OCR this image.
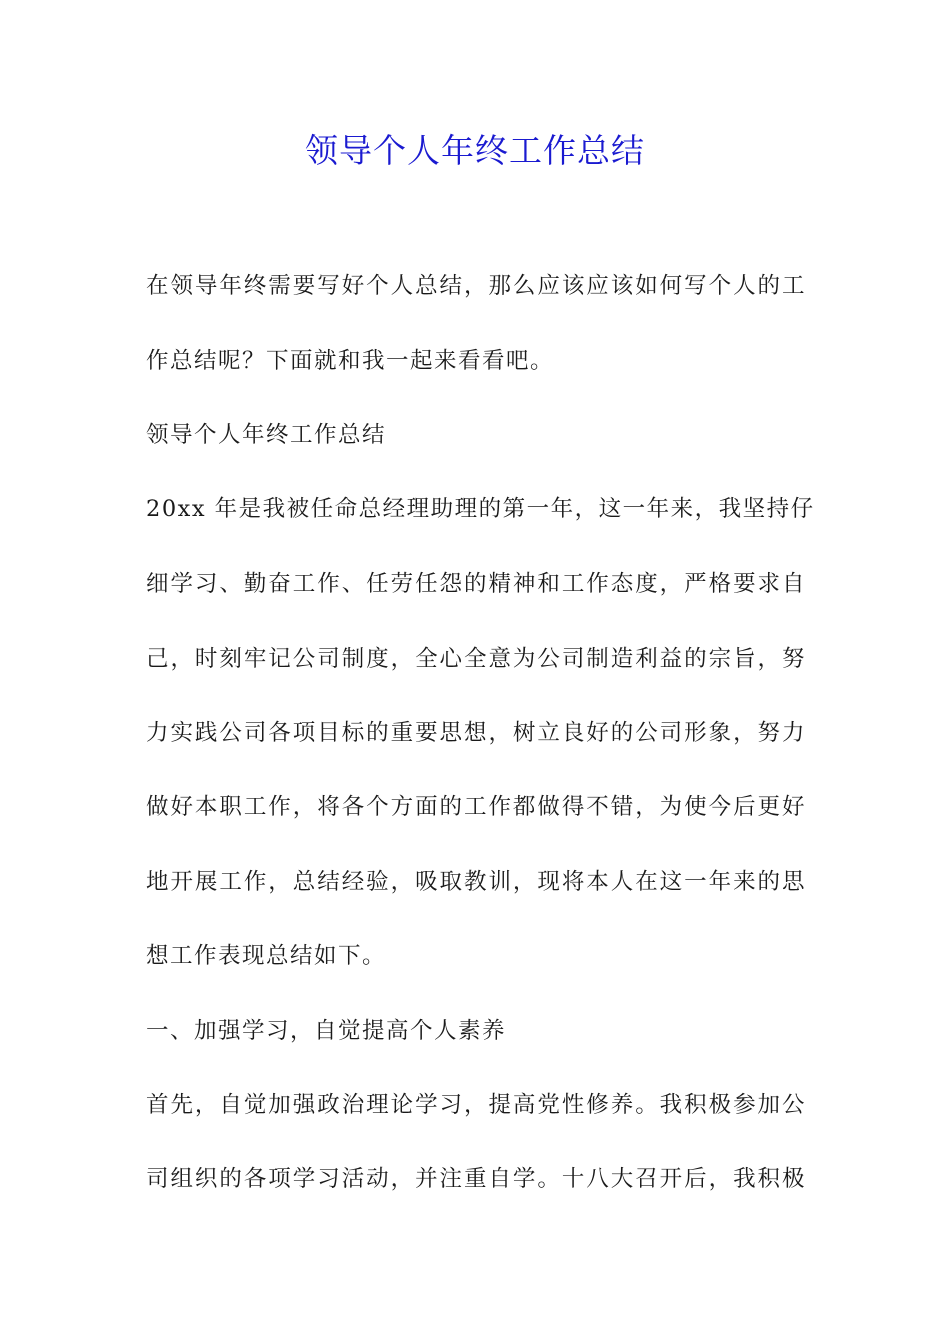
领导个人年终工作总结
在领导年终需要写好个人总结，那么应该应该如何写个人的工
作总结呢？下面就和我一起来看看吧。
领导个人年终工作总结
20xx 年是我被任命总经理助理的第一年，这一年来，我坚持仔
细学习、勤奋工作、任劳任怨的精神和工作态度，严格要求自
己，时刻牢记公司制度，全心全意为公司制造利益的宗旨，努
力实践公司各项目标的重要思想，树立良好的公司形象，努力
做好本职工作，将各个方面的工作都做得不错，为使今后更好
地开展工作，总结经验，吸取教训，现将本人在这一年来的思
想工作表现总结如下。
一、加强学习，自觉提高个人素养
首先，自觉加强政治理论学习，提高党性修养。我积极参加公
司组织的各项学习活动，并注重自学。十八大召开后，我积极
